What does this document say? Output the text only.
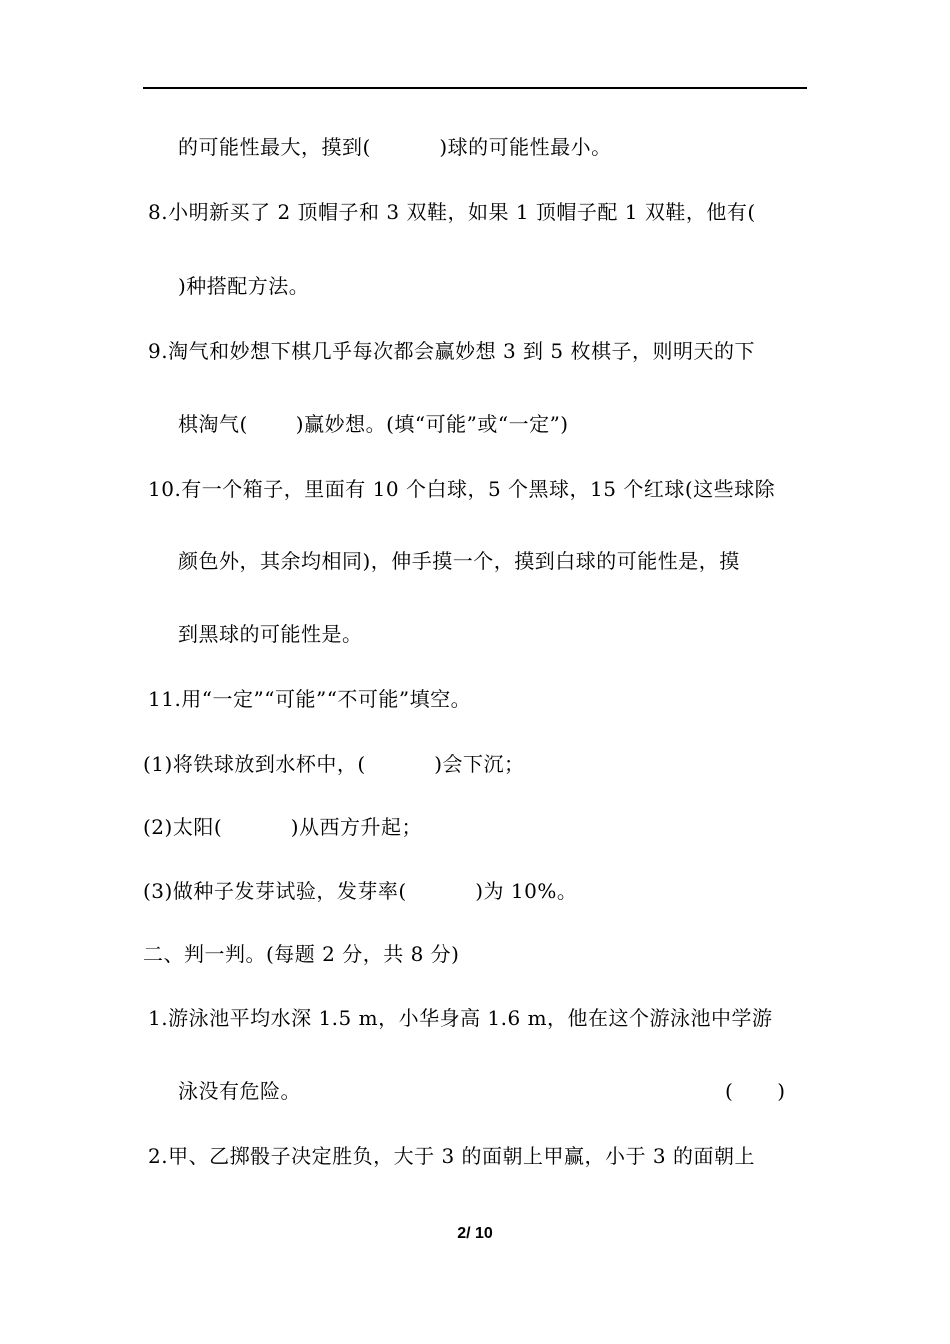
的可能性最大，摸到(          )球的可能性最小。
8.小明新买了 2 顶帽子和 3 双鞋，如果 1 顶帽子配 1 双鞋，他有(
)种搭配方法。
9.淘气和妙想下棋几乎每次都会赢妙想 3 到 5 枚棋子，则明天的下
棋淘气(       )赢妙想。(填“可能”或“一定”)
10.有一个箱子，里面有 10 个白球，5 个黑球，15 个红球(这些球除
颜色外，其余均相同)，伸手摸一个，摸到白球的可能性是，摸
到黑球的可能性是。
11.用“一定”“可能”“不可能”填空。
(1)将铁球放到水杯中，(          )会下沉；
(2)太阳(          )从西方升起；
(3)做种子发芽试验，发芽率(          )为 10%。
二、判一判。(每题 2 分，共 8 分)
1.游泳池平均水深 1.5 m，小华身高 1.6 m，他在这个游泳池中学游
泳没有危险。	(       )
2.甲、乙掷骰子决定胜负，大于 3 的面朝上甲赢，小于 3 的面朝上
2/ 10
